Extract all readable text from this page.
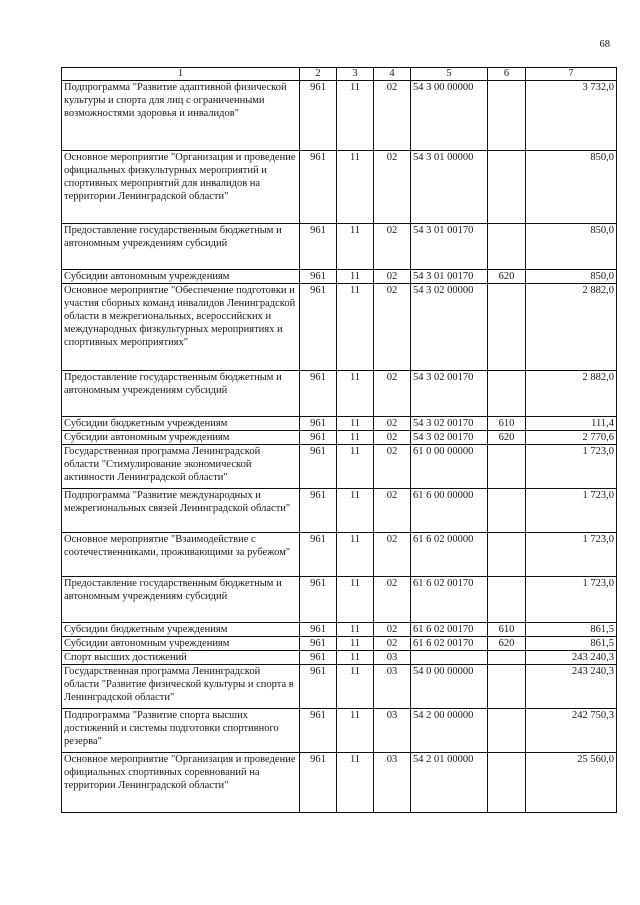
68
1	2	3	4	5	6	7
Подпрограмма "Развитие адаптивной физической культуры и спорта для лиц с ограниченными возможностями здоровья и инвалидов"	961	11	02	54 3 00 00000		3 732,0
Основное мероприятие "Организация и проведение официальных физкультурных мероприятий и спортивных мероприятий для инвалидов на территории Ленинградской области"	961	11	02	54 3 01 00000		850,0
Предоставление государственным бюджетным и автономным учреждениям субсидий	961	11	02	54 3 01 00170		850,0
Субсидии автономным учреждениям	961	11	02	54 3 01 00170	620	850,0
Основное мероприятие "Обеспечение подготовки и участия сборных команд инвалидов Ленинградской области в межрегиональных, всероссийских и международных физкультурных мероприятиях и спортивных мероприятиях"	961	11	02	54 3 02 00000		2 882,0
Предоставление государственным бюджетным и автономным учреждениям субсидий	961	11	02	54 3 02 00170		2 882,0
Субсидии бюджетным учреждениям	961	11	02	54 3 02 00170	610	111,4
Субсидии автономным учреждениям	961	11	02	54 3 02 00170	620	2 770,6
Государственная программа Ленинградской области "Стимулирование экономической активности Ленинградской области"	961	11	02	61 0 00 00000		1 723,0
Подпрограмма "Развитие международных и межрегиональных связей Ленинградской области"	961	11	02	61 6 00 00000		1 723,0
Основное мероприятие "Взаимодействие с соотечественниками, проживающими за рубежом"	961	11	02	61 6 02 00000		1 723,0
Предоставление государственным бюджетным и автономным учреждениям субсидий	961	11	02	61 6 02 00170		1 723,0
Субсидии бюджетным учреждениям	961	11	02	61 6 02 00170	610	861,5
Субсидии автономным учреждениям	961	11	02	61 6 02 00170	620	861,5
Спорт высших достижений	961	11	03			243 240,3
Государственная программа Ленинградской области "Развитие физической культуры и спорта в Ленинградской области"	961	11	03	54 0 00 00000		243 240,3
Подпрограмма "Развитие спорта высших достижений и системы подготовки спортивного резерва"	961	11	03	54 2 00 00000		242 750,3
Основное мероприятие "Организация и проведение официальных спортивных соревнований на территории Ленинградской области"	961	11	03	54 2 01 00000		25 560,0
